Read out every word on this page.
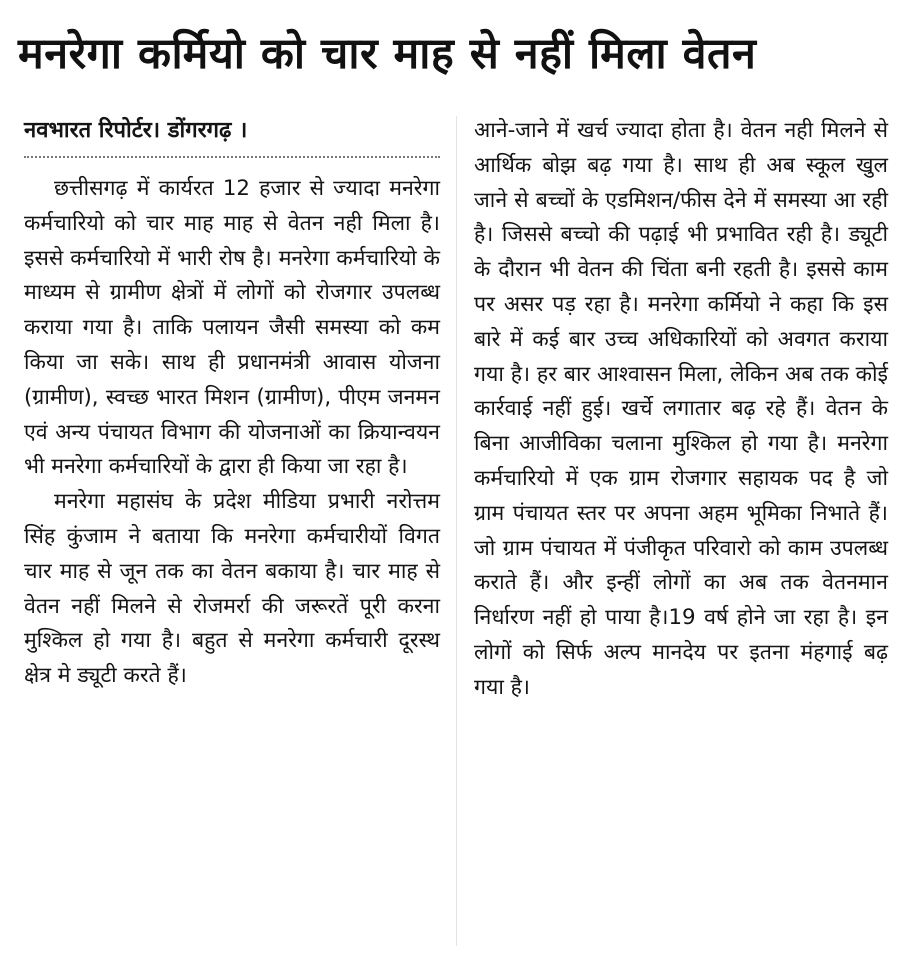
मनरेगा कर्मियो को चार माह से नहीं मिला वेतन
नवभारत रिपोर्टर। डोंगरगढ़ ।

छत्तीसगढ़ में कार्यरत 12 हजार से ज्यादा मनरेगा कर्मचारियो को चार माह माह से वेतन नही मिला है। इससे कर्मचारियो में भारी रोष है। मनरेगा कर्मचारियो के माध्यम से ग्रामीण क्षेत्रों में लोगों को रोजगार उपलब्ध कराया गया है। ताकि पलायन जैसी समस्या को कम किया जा सके। साथ ही प्रधानमंत्री आवास योजना (ग्रामीण), स्वच्छ भारत मिशन (ग्रामीण), पीएम जनमन एवं अन्य पंचायत विभाग की योजनाओं का क्रियान्वयन भी मनरेगा कर्मचारियों के द्वारा ही किया जा रहा है।

मनरेगा महासंघ के प्रदेश मीडिया प्रभारी नरोत्तम सिंह कुंजाम ने बताया कि मनरेगा कर्मचारीयों विगत चार माह से जून तक का वेतन बकाया है। चार माह से वेतन नहीं मिलने से रोजमर्रा की जरूरतें पूरी करना मुश्किल हो गया है। बहुत से मनरेगा कर्मचारी दूरस्थ क्षेत्र मे ड्यूटी करते हैं।

आने-जाने में खर्च ज्यादा होता है। वेतन नही मिलने से आर्थिक बोझ बढ़ गया है। साथ ही अब स्कूल खुल जाने से बच्चों के एडमिशन/फीस देने में समस्या आ रही है। जिससे बच्चो की पढ़ाई भी प्रभावित रही है। ड्यूटी के दौरान भी वेतन की चिंता बनी रहती है। इससे काम पर असर पड़ रहा है। मनरेगा कर्मियो ने कहा कि इस बारे में कई बार उच्च अधिकारियों को अवगत कराया गया है। हर बार आश्वासन मिला, लेकिन अब तक कोई कार्रवाई नहीं हुई। खर्चे लगातार बढ़ रहे हैं। वेतन के बिना आजीविका चलाना मुश्किल हो गया है। मनरेगा कर्मचारियो में एक ग्राम रोजगार सहायक पद है जो ग्राम पंचायत स्तर पर अपना अहम भूमिका निभाते हैं। जो ग्राम पंचायत में पंजीकृत परिवारो को काम उपलब्ध कराते हैं। और इन्हीं लोगों का अब तक वेतनमान निर्धारण नहीं हो पाया है।19 वर्ष होने जा रहा है। इन लोगों को सिर्फ अल्प मानदेय पर इतना मंहगाई बढ़ गया है।
